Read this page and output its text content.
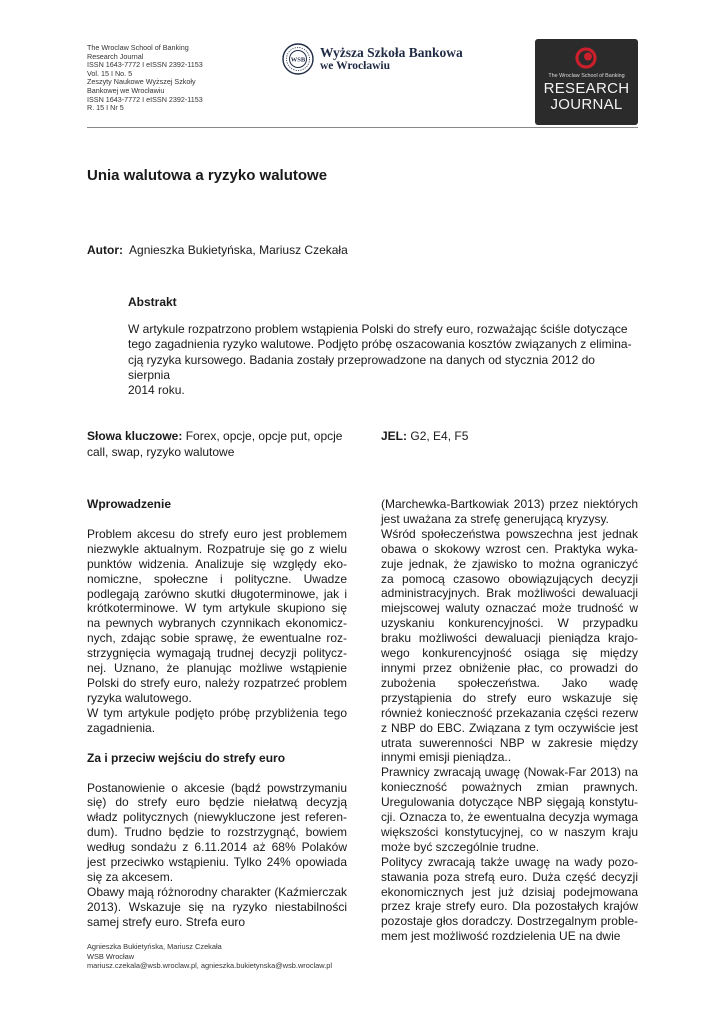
The Wroclaw School of Banking
Research Journal
ISSN 1643-7772 I eISSN 2392-1153
Vol. 15 I No. 5
Zeszyty Naukowe Wyższej Szkoły
Bankowej we Wrocławiu
ISSN 1643-7772 I eISSN 2392-1153
R. 15 I Nr 5
WSB Wyższa Szkoła Bankowa
we Wrocławiu
The Wroclaw School of Banking
RESEARCH
JOURNAL
Unia walutowa a ryzyko walutowe
Autor: Agnieszka Bukietyńska, Mariusz Czekała
Abstrakt
W artykule rozpatrzono problem wstąpienia Polski do strefy euro, rozważając ściśle dotyczące
tego zagadnienia ryzyko walutowe. Podjęto próbę oszacowania kosztów związanych z elimina-
cją ryzyka kursowego. Badania zostały przeprowadzone na danych od stycznia 2012 do sierpnia
2014 roku.
Słowa kluczowe: Forex, opcje, opcje put, opcje call, swap, ryzyko walutowe
JEL: G2, E4, F5
Wprowadzenie

Problem akcesu do strefy euro jest problemem niezwykle aktualnym. Rozpatruje się go z wielu punktów widzenia. Analizuje się względy ekonomiczne, społeczne i polityczne. Uwadze podlegają zarówno skutki długoterminowe, jak i krótkoterminowe. W tym artykule skupiono się na pewnych wybranych czynnikach ekonomicznych, zdając sobie sprawę, że ewentualne rozstrzygnięcia wymagają trudnej decyzji politycznej. Uznano, że planując możliwe wstąpienie Polski do strefy euro, należy rozpatrzeć problem ryzyka walutowego.

W tym artykule podjęto próbę przybliżenia tego zagadnienia.

Za i przeciw wejściu do strefy euro

Postanowienie o akcesie (bądź powstrzymaniu się) do strefy euro będzie niełatwą decyzją władz politycznych (niewykluczone jest referendum). Trudno będzie to rozstrzygnąć, bowiem według sondażu z 6.11.2014 aż 68% Polaków jest przeciwko wstąpieniu. Tylko 24% opowiada się za akcesem.

Obawy mają różnorodny charakter (Kaźmierczak 2013). Wskazuje się na ryzyko niestabilności samej strefy euro. Strefa euro

(Marchewka-Bartkowiak 2013) przez niektórych jest uważana za strefę generującą kryzysy.

Wśród społeczeństwa powszechna jest jednak obawa o skokowy wzrost cen. Praktyka wykazuje jednak, że zjawisko to można ograniczyć za pomocą czasowo obowiązujących decyzji administracyjnych. Brak możliwości dewaluacji miejscowej waluty oznaczać może trudność w uzyskaniu konkurencyjności. W przypadku braku możliwości dewaluacji pieniądza krajowego konkurencyjność osiąga się między innymi przez obniżenie płac, co prowadzi do zubożenia społeczeństwa. Jako wadę przystąpienia do strefy euro wskazuje się również konieczność przekazania części rezerw z NBP do EBC. Związana z tym oczywiście jest utrata suwerenności NBP w zakresie między innymi emisji pieniądza..

Prawnicy zwracają uwagę (Nowak-Far 2013) na konieczność poważnych zmian prawnych. Uregulowania dotyczące NBP sięgają konstytucji. Oznacza to, że ewentualna decyzja wymaga większości konstytucyjnej, co w naszym kraju może być szczególnie trudne.

Politycy zwracają także uwagę na wady pozostawania poza strefą euro. Duża część decyzji ekonomicznych jest już dzisiaj podejmowana przez kraje strefy euro. Dla pozostałych krajów pozostaje głos doradczy. Dostrzegalnym problemem jest możliwość rozdzielenia UE na dwie

Agnieszka Bukietyńska, Mariusz Czekała
WSB Wrocław
mariusz.czekala@wsb.wroclaw.pl, agnieszka.bukietynska@wsb.wroclaw.pl
